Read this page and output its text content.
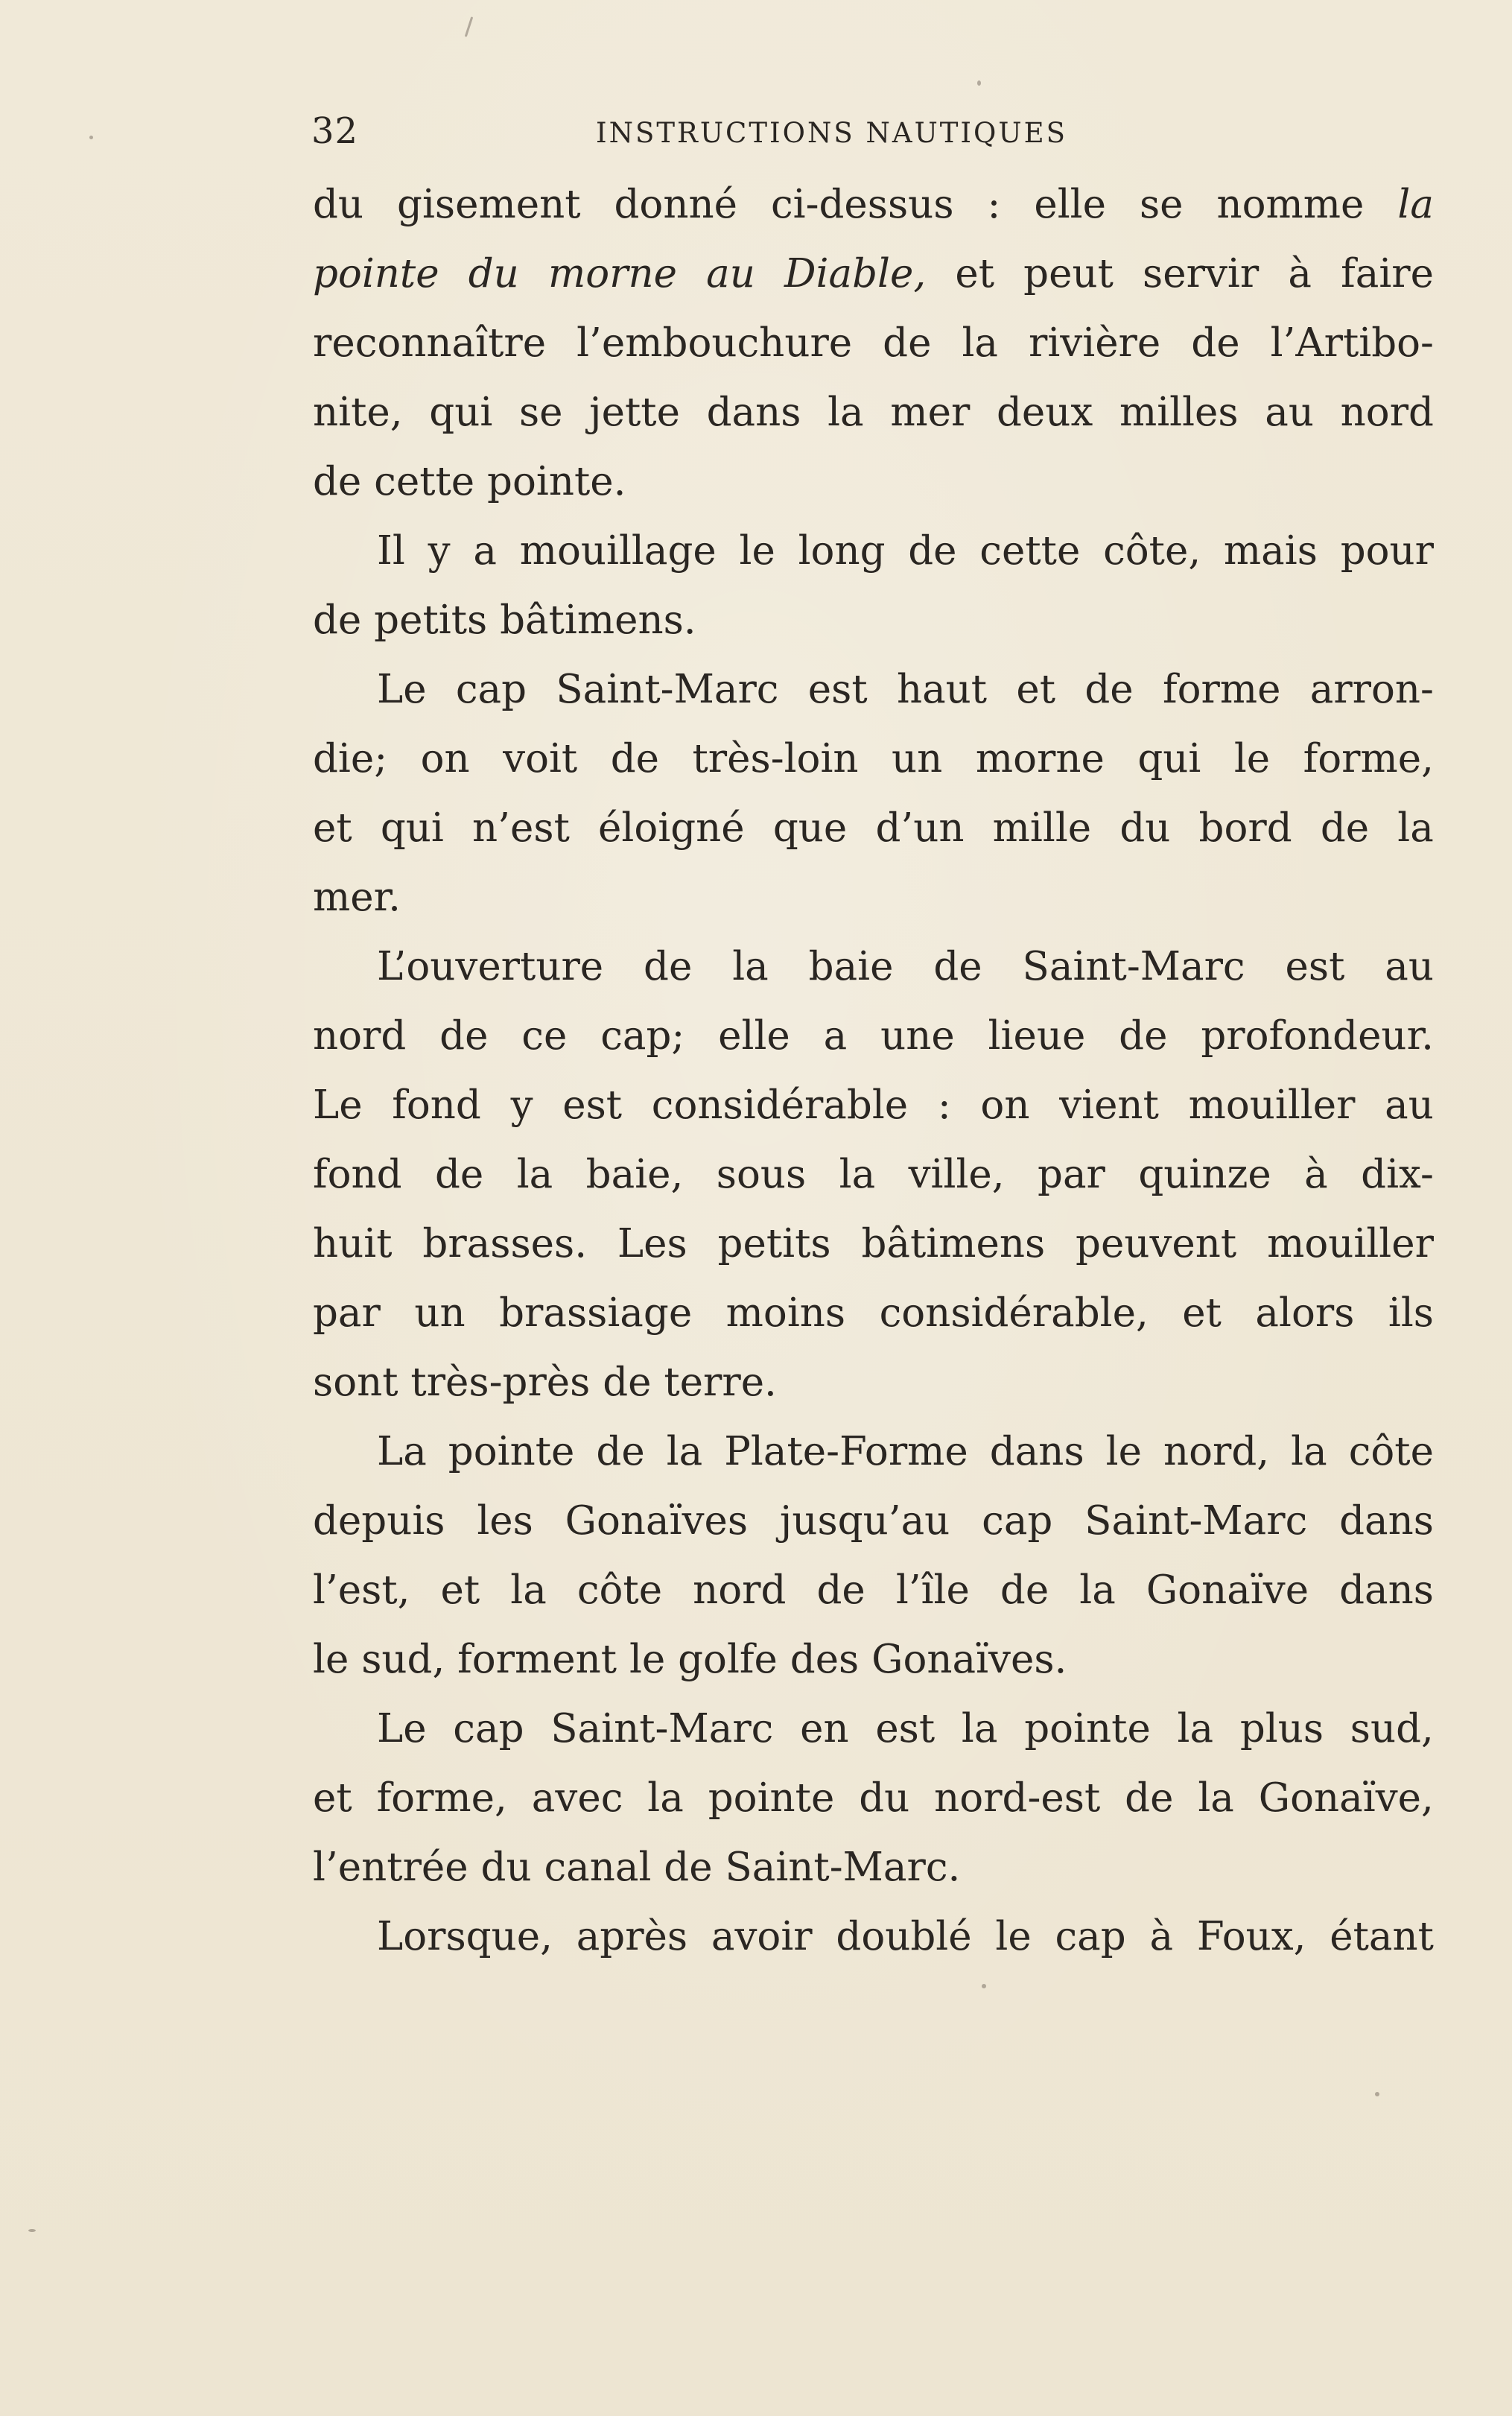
32	INSTRUCTIONS NAUTIQUES
du gisement donné ci-dessus : elle se nomme la
pointe du morne au Diable, et peut servir à faire
reconnaître l’embouchure de la rivière de l’Artibo-
nite, qui se jette dans la mer deux milles au nord
de
cette
pointe.
Il y a mouillage le long de cette côte, mais pour
de
petits
bâtimens.
Le cap Saint-Marc est haut et de forme arron-
die; on voit de très-loin un morne qui le forme,
et qui n’est éloigné que d’un mille du bord de la
mer.
L’ouverture de la baie de Saint-Marc est au
nord de ce cap; elle a une lieue de profondeur.
Le fond y est considérable : on vient mouiller au
fond de la baie, sous la ville, par quinze à dix-
huit brasses. Les petits bâtimens peuvent mouiller
par un brassiage moins considérable, et alors ils
sont
très-près
de
terre.
La pointe de la Plate-Forme dans le nord, la côte
depuis les Gonaïves jusqu’au cap Saint-Marc dans
l’est, et la côte nord de l’île de la Gonaïve dans
le
sud,
forment
le
golfe
des
Gonaïves.
Le cap Saint-Marc en est la pointe la plus sud,
et forme, avec la pointe du nord-est de la Gonaïve,
l’entrée
du
canal
de
Saint-Marc.
Lorsque, après avoir doublé le cap à Foux, étant
